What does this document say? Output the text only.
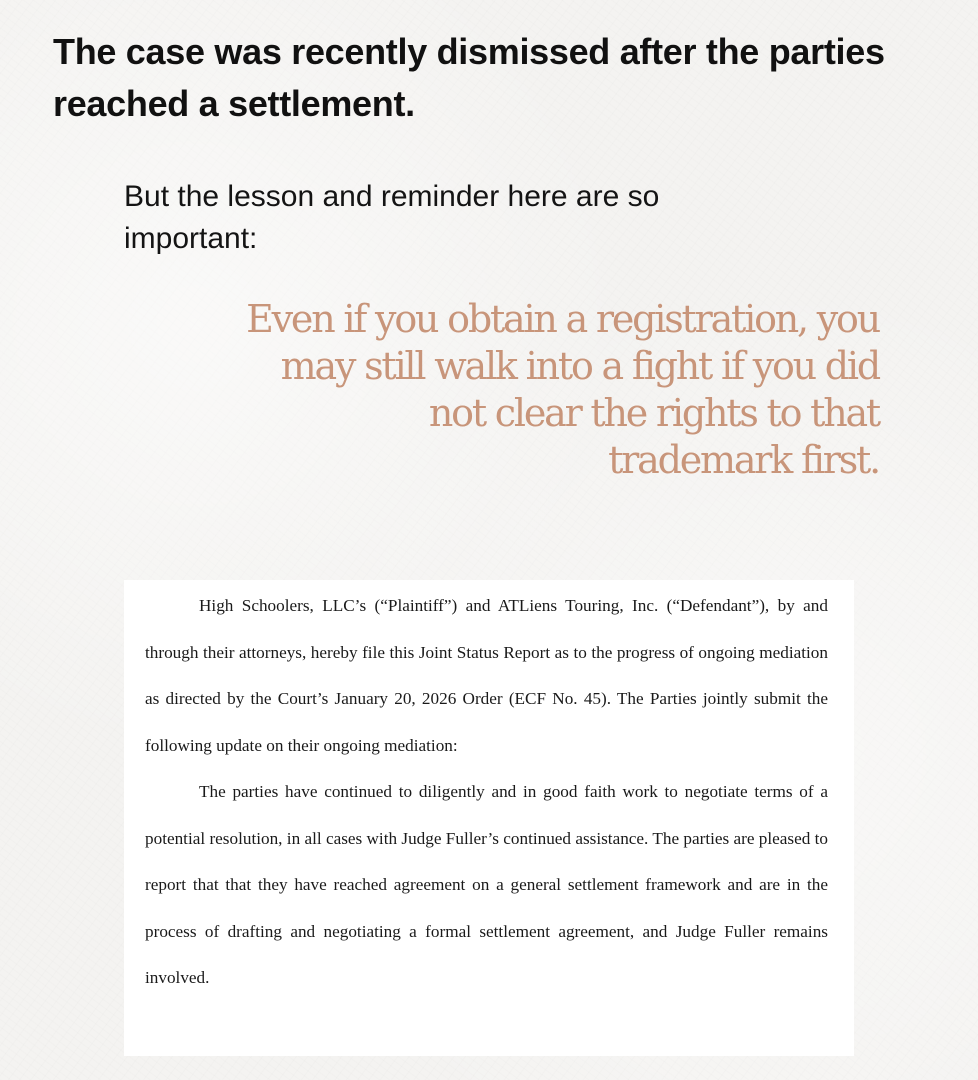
The case was recently dismissed after the parties reached a settlement.

But the lesson and reminder here are so important:

Even if you obtain a registration, you may still walk into a fight if you did not clear the rights to that trademark first.

High Schoolers, LLC’s (“Plaintiff”) and ATLiens Touring, Inc. (“Defendant”), by and through their attorneys, hereby file this Joint Status Report as to the progress of ongoing mediation as directed by the Court’s January 20, 2026 Order (ECF No. 45). The Parties jointly submit the following update on their ongoing mediation:

The parties have continued to diligently and in good faith work to negotiate terms of a potential resolution, in all cases with Judge Fuller’s continued assistance. The parties are pleased to report that that they have reached agreement on a general settlement framework and are in the process of drafting and negotiating a formal settlement agreement, and Judge Fuller remains involved.
